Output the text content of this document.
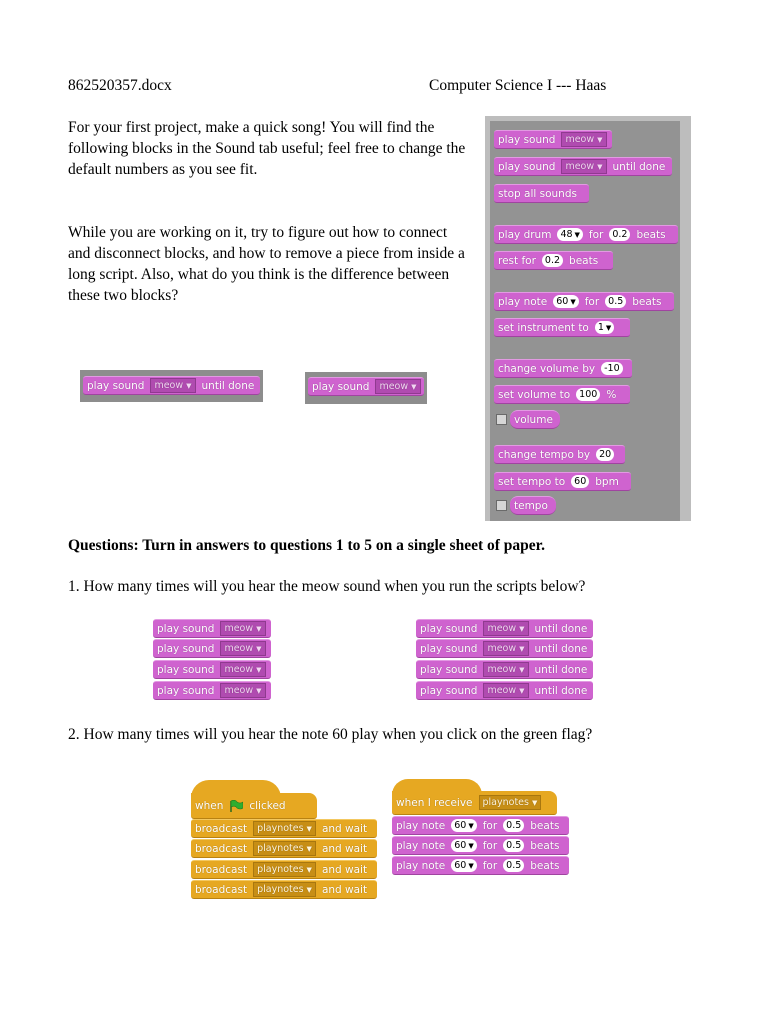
862520357.docx	Computer Science I --- Haas
For your first project, make a quick song! You will find the following blocks in the Sound tab useful; feel free to change the default numbers as you see fit.
While you are working on it, try to figure out how to connect and disconnect blocks, and how to remove a piece from inside a long script. Also, what do you think is the difference between these two blocks?
play sound meow ▼ until done	play sound meow ▼
play sound meow ▼
play sound meow ▼ until done
stop all sounds
play drum 48 ▼ for 0.2 beats
rest for 0.2 beats
play note 60 ▼ for 0.5 beats
set instrument to 1 ▼
change volume by -10
set volume to 100 %
volume
change tempo by 20
set tempo to 60 bpm
tempo
Questions: Turn in answers to questions 1 to 5 on a single sheet of paper.
1. How many times will you hear the meow sound when you run the scripts below?
play sound meow ▼
play sound meow ▼
play sound meow ▼
play sound meow ▼
play sound meow ▼ until done
play sound meow ▼ until done
play sound meow ▼ until done
play sound meow ▼ until done
2. How many times will you hear the note 60 play when you click on the green flag?
when clicked
broadcast playnotes ▼ and wait
broadcast playnotes ▼ and wait
broadcast playnotes ▼ and wait
broadcast playnotes ▼ and wait
when I receive playnotes ▼
play note 60 ▼ for 0.5 beats
play note 60 ▼ for 0.5 beats
play note 60 ▼ for 0.5 beats
